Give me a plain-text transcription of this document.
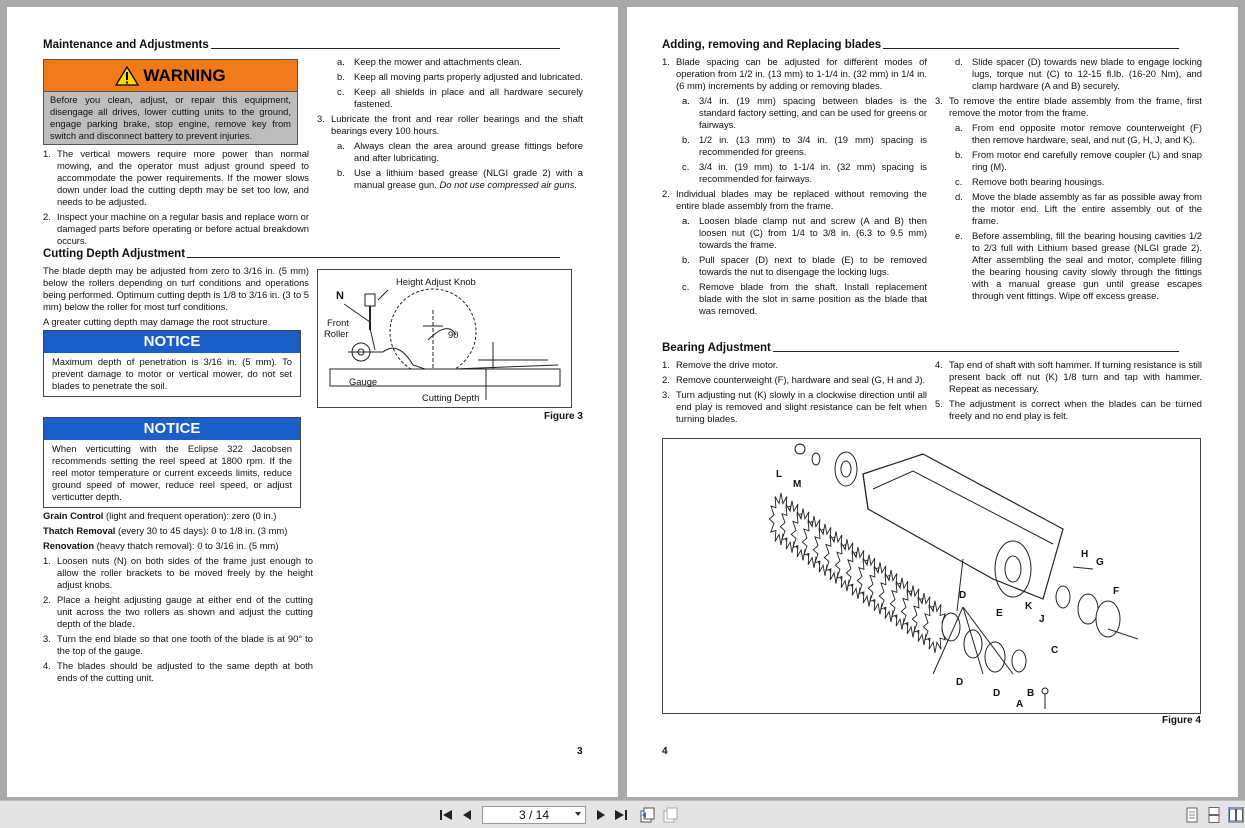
Maintenance and Adjustments
WARNING
Before you clean, adjust, or repair this equipment, disengage all drives, lower cutting units to the ground, engage parking brake, stop engine, remove key from switch and disconnect battery to prevent injuries.
1. The vertical mowers require more power than normal mowing, and the operator must adjust ground speed to accommodate the power requirements. If the mower slows down under load the cutting depth may be set too low, and needs to be adjusted.
2. Inspect your machine on a regular basis and replace worn or damaged parts before operating or before actual breakdown occurs.
a. Keep the mower and attachments clean.
b. Keep all moving parts properly adjusted and lubricated.
c.	Keep all shields in place and all hardware securely fastened.
3. Lubricate the front and rear roller bearings and the shaft bearings every 100 hours.
a. Always clean the area around grease fittings before and after lubricating.
b. Use a lithium based grease (NLGI grade 2) with a manual grease gun. Do not use compressed air guns.
Cutting Depth Adjustment

The blade depth may be adjusted from zero to 3/16 in. (5 mm) below the rollers depending on turf conditions and operations being performed. Optimum cutting depth is 1/8 to 3/16 in. (3 to 5 mm) below the roller for most turf conditions.

A greater cutting depth may damage the root structure.

NOTICE
Maximum depth of penetration is 3/16 in. (5 mm). To prevent damage to motor or vertical mower, do not set blades to penetrate the soil.
NOTICE
When verticutting with the Eclipse 322 Jacobsen recommends setting the reel speed at 1800 rpm. If the reel motor temperature or current exceeds limits, reduce ground speed of mower, reduce reel speed, or adjust verticutter depth.

Grain Control (light and frequent operation): zero (0 in.)

Thatch Removal (every 30 to 45 days): 0 to 1/8 in. (3 mm)

Renovation (heavy thatch removal): 0 to 3/16 in. (5 mm)

1. Loosen nuts (N) on both sides of the frame just enough to allow the roller brackets to be moved freely by the height adjust knobs.
2. Place a height adjusting gauge at either end of the cutting unit across the two rollers as shown and adjust the cutting depth of the blade.
3. Turn the end blade so that one tooth of the blade is at 90° to the top of the gauge.
4. The blades should be adjusted to the same depth at both ends of the cutting unit.
Height Adjust Knob
N
Front
Roller	90
Gauge
Cutting Depth
Figure 3
3
Adding, removing and Replacing blades
1. Blade spacing can be adjusted for different modes of operation from 1/2 in. (13 mm) to 1-1/4 in. (32 mm) in 1/4 in. (6 mm) increments by adding or removing blades.
a. 3/4 in. (19 mm) spacing between blades is the standard factory setting, and can be used for greens or fairways.
b. 1/2 in. (13 mm) to 3/4 in. (19 mm) spacing is recommended for greens.
c.	3/4 in. (19 mm) to 1-1/4 in. (32 mm) spacing is recommended for fairways.
2. Individual blades may be replaced without removing the entire blade assembly from the frame.
a. Loosen blade clamp nut and screw (A and B) then loosen nut (C) from 1/4 to 3/8 in. (6.3 to 9.5 mm) towards the frame.
b. Pull spacer (D) next to blade (E) to be removed towards the nut to disengage the locking lugs.
c.	Remove blade from the shaft. Install replacement blade with the slot in same position as the blade that was removed.
d. Slide spacer (D) towards new blade to engage locking lugs, torque nut (C) to 12-15 fl.lb. (16-20 Nm), and clamp hardware (A and B) securely.
3. To remove the entire blade assembly from the frame, first remove the motor from the frame.
a. From end opposite motor remove counterweight (F) then remove hardware, seal, and nut (G, H, J, and K).
b. From motor end carefully remove coupler (L) and snap ring (M).
c.	Remove both bearing housings.
d. Move the blade assembly as far as possible away from the motor end. Lift the entire assembly out of the frame.
e. Before assembling, fill the bearing housing cavities 1/2 to 2/3 full with Lithium based grease (NLGI grade 2). After assembling the seal and motor, complete filling the bearing housing cavity slowly through the fittings with a manual grease gun until grease escapes through vent fittings. Wipe off excess grease.
Bearing Adjustment
1. Remove the drive motor.
2. Remove counterweight (F), hardware and seal (G, H and J).
3. Turn adjusting nut (K) slowly in a clockwise direction until all end play is removed and slight resistance can be felt when turning blades.
4. Tap end of shaft with soft hammer. If turning resistance is still present back off nut (K) 1/8 turn and tap with hammer. Repeat as necessary.
5. The adjustment is correct when the blades can be turned freely and no end play is felt.
L
M
H
G
F
K
J
E
D
D
D
C
B
A
Figure 4
4
3 / 14
